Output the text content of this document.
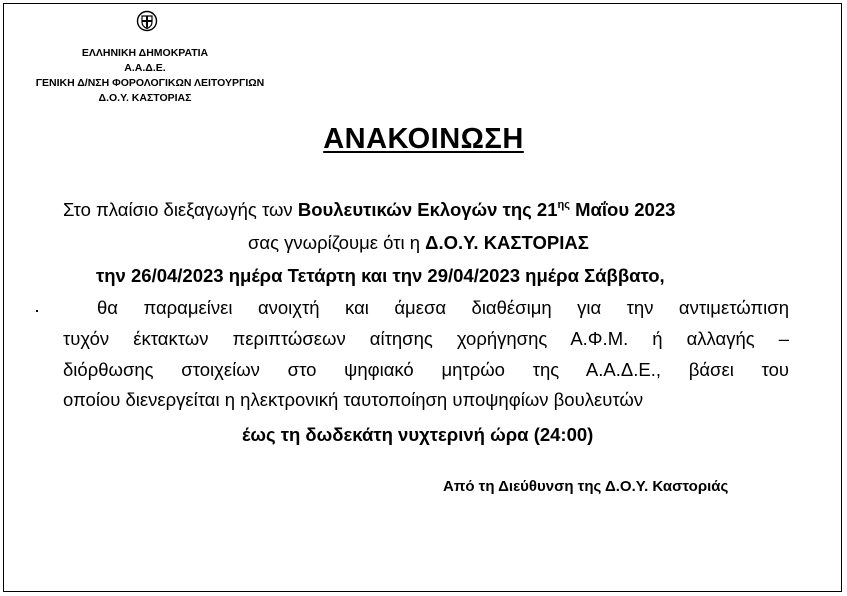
ΕΛΛΗΝΙΚΗ ΔΗΜΟΚΡΑΤΙΑ
Α.Α.Δ.Ε.
ΓΕΝΙΚΗ Δ/ΝΣΗ ΦΟΡΟΛΟΓΙΚΩΝ ΛΕΙΤΟΥΡΓΙΩΝ
Δ.Ο.Υ. ΚΑΣΤΟΡΙΑΣ
ΑΝΑΚΟΙΝΩΣΗ
Στο πλαίσιο διεξαγωγής των Βουλευτικών Εκλογών της $21^{\eta\varsigma}$ Μαΐου 2023
σας γνωρίζουμε ότι η Δ.Ο.Υ. ΚΑΣΤΟΡΙΑΣ
την 26/04/2023 ημέρα Τετάρτη και την 29/04/2023 ημέρα Σάββατο,
θα παραμείνει ανοιχτή και άμεσα διαθέσιμη για την αντιμετώπιση
τυχόν έκτακτων περιπτώσεων αίτησης χορήγησης Α.Φ.Μ. ή αλλαγής –
διόρθωσης στοιχείων στο ψηφιακό μητρώο της Α.Α.Δ.Ε., βάσει του
οποίου διενεργείται η ηλεκτρονική ταυτοποίηση υποψηφίων βουλευτών
έως τη δωδεκάτη νυχτερινή ώρα (24:00)
Από τη Διεύθυνση της Δ.Ο.Υ. Καστοριάς
